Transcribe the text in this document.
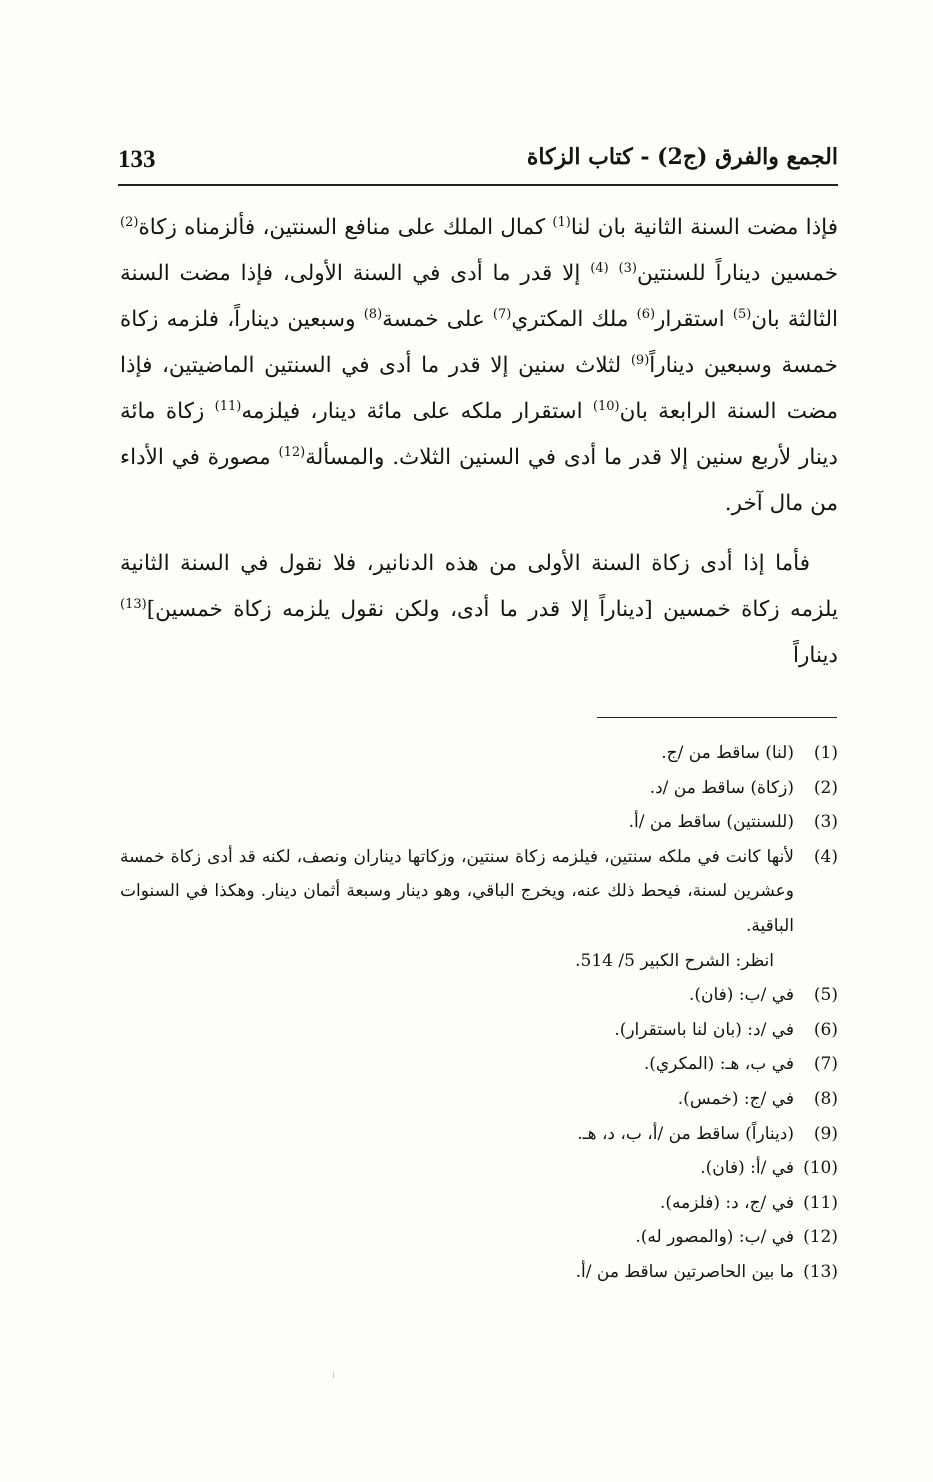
133	الجمع والفرق (ج2) - كتاب الزكاة

فإذا مضت السنة الثانية بان لنا$^{(1)}$ كمال الملك على منافع السنتين، فألزمناه زكاة$^{(2)}$ خمسين ديناراً للسنتين$^{(3)}$ $^{(4)}$ إلا قدر ما أدى في السنة الأولى، فإذا مضت السنة الثالثة بان$^{(5)}$ استقرار$^{(6)}$ ملك المكتري$^{(7)}$ على خمسة$^{(8)}$ وسبعين ديناراً، فلزمه زكاة خمسة وسبعين ديناراً$^{(9)}$ لثلاث سنين إلا قدر ما أدى في السنتين الماضيتين، فإذا مضت السنة الرابعة بان$^{(10)}$ استقرار ملكه على مائة دينار، فيلزمه$^{(11)}$ زكاة مائة دينار لأربع سنين إلا قدر ما أدى في السنين الثلاث. والمسألة$^{(12)}$ مصورة في الأداء من مال آخر.

فأما إذا أدى زكاة السنة الأولى من هذه الدنانير، فلا نقول في السنة الثانية يلزمه زكاة خمسين [ديناراً إلا قدر ما أدى، ولكن نقول يلزمه زكاة خمسين]$^{(13)}$ ديناراً

(1)
(لنا) ساقط من /ج.
(2)
(زكاة) ساقط من /د.
(3)
(للسنتين) ساقط من /أ.
(4)
لأنها كانت في ملكه سنتين، فيلزمه زكاة سنتين، وزكاتها ديناران ونصف، لكنه قد أدى زكاة خمسة وعشرين لسنة، فيحط ذلك عنه، ويخرج الباقي، وهو دينار وسبعة أثمان دينار. وهكذا في السنوات الباقية.
انظر: الشرح الكبير 5/ 514.
(5)
في /ب: (فان).
(6)
في /د: (بان لنا باستقرار).
(7)
في ب، هـ: (المكري).
(8)
في /ج: (خمس).
(9)
(ديناراً) ساقط من /أ، ب، د، هـ.
(10)
في /أ: (فان).
(11)
في /ج، د: (فلزمه).
(12)
في /ب: (والمصور له).
(13)
ما بين الحاصرتين ساقط من /أ.
